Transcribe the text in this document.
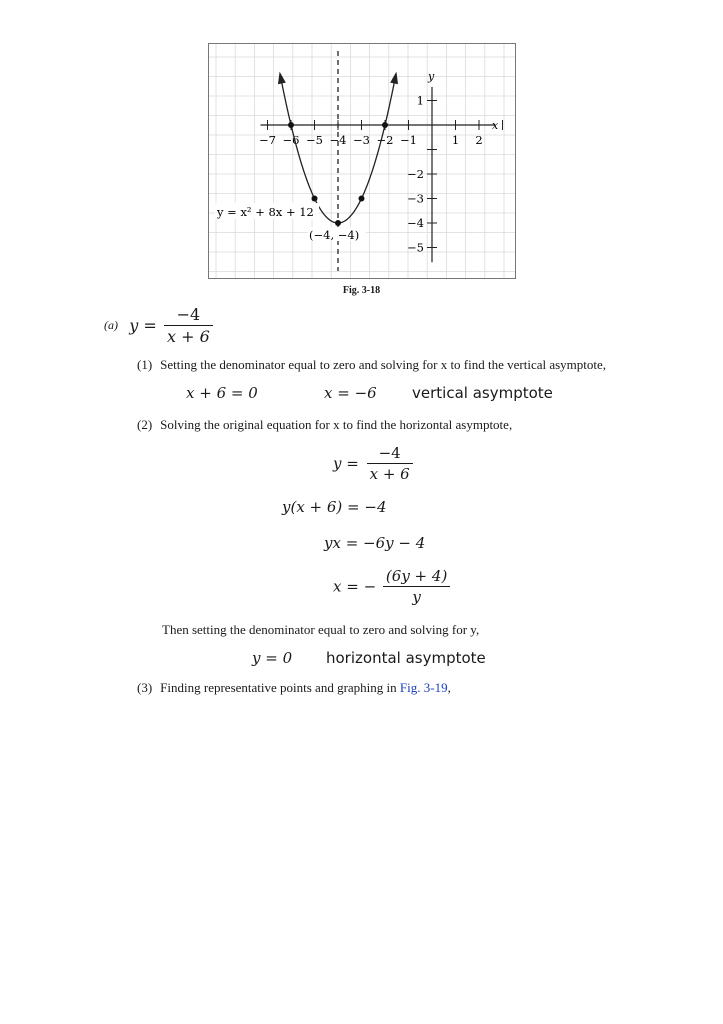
−7 −6 −5 −4 −3 −2 −1	1 2
1
−2
−3
−4
−5
x
y
y = x² + 8x + 12
(−4, −4)
Fig. 3-18
(a) $y = \frac{-4}{x + 6}$
(1) Setting the denominator equal to zero and solving for x to find the vertical asymptote,
x + 6 = 0	x = −6 vertical asymptote
(2) Solving the original equation for x to find the horizontal asymptote,
$y = \frac{-4}{x + 6}$
y(x + 6) = −4
yx = −6y − 4
x = − $\frac{(6y + 4)}{y}$
Then setting the denominator equal to zero and solving for y,
y = 0 horizontal asymptote
(3) Finding representative points and graphing in Fig. 3-19,
